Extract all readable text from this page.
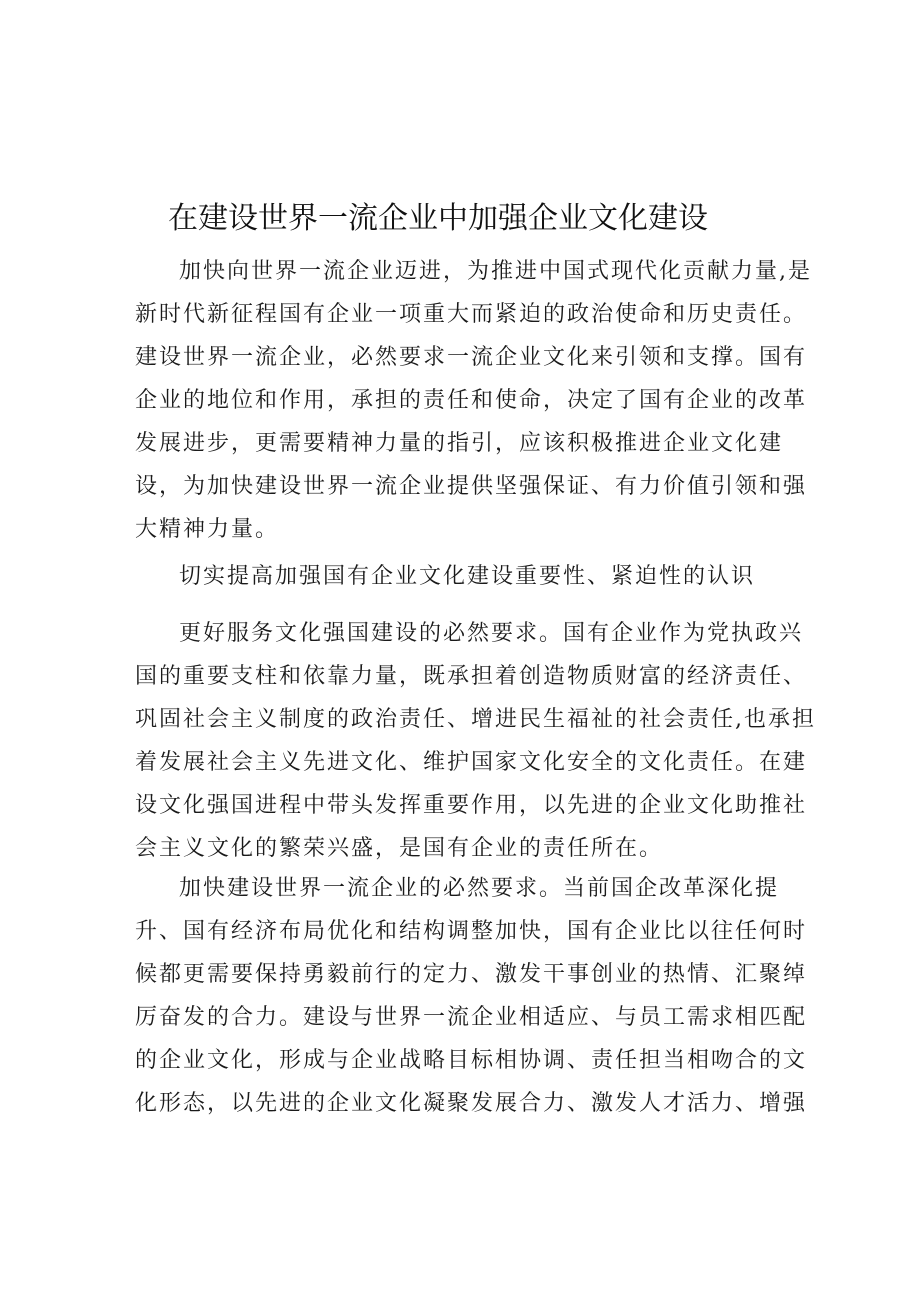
在建设世界一流企业中加强企业文化建设
加快向世界一流企业迈进，为推进中国式现代化贡献力量,是
新时代新征程国有企业一项重大而紧迫的政治使命和历史责任。
建设世界一流企业，必然要求一流企业文化来引领和支撑。国有
企业的地位和作用，承担的责任和使命，决定了国有企业的改革
发展进步，更需要精神力量的指引，应该积极推进企业文化建
设，为加快建设世界一流企业提供坚强保证、有力价值引领和强
大精神力量。
切实提高加强国有企业文化建设重要性、紧迫性的认识
更好服务文化强国建设的必然要求。国有企业作为党执政兴
国的重要支柱和依靠力量，既承担着创造物质财富的经济责任、
巩固社会主义制度的政治责任、增进民生福祉的社会责任,也承担
着发展社会主义先进文化、维护国家文化安全的文化责任。在建
设文化强国进程中带头发挥重要作用，以先进的企业文化助推社
会主义文化的繁荣兴盛，是国有企业的责任所在。
加快建设世界一流企业的必然要求。当前国企改革深化提
升、国有经济布局优化和结构调整加快，国有企业比以往任何时
候都更需要保持勇毅前行的定力、激发干事创业的热情、汇聚绰
厉奋发的合力。建设与世界一流企业相适应、与员工需求相匹配
的企业文化，形成与企业战略目标相协调、责任担当相吻合的文
化形态，以先进的企业文化凝聚发展合力、激发人才活力、增强
